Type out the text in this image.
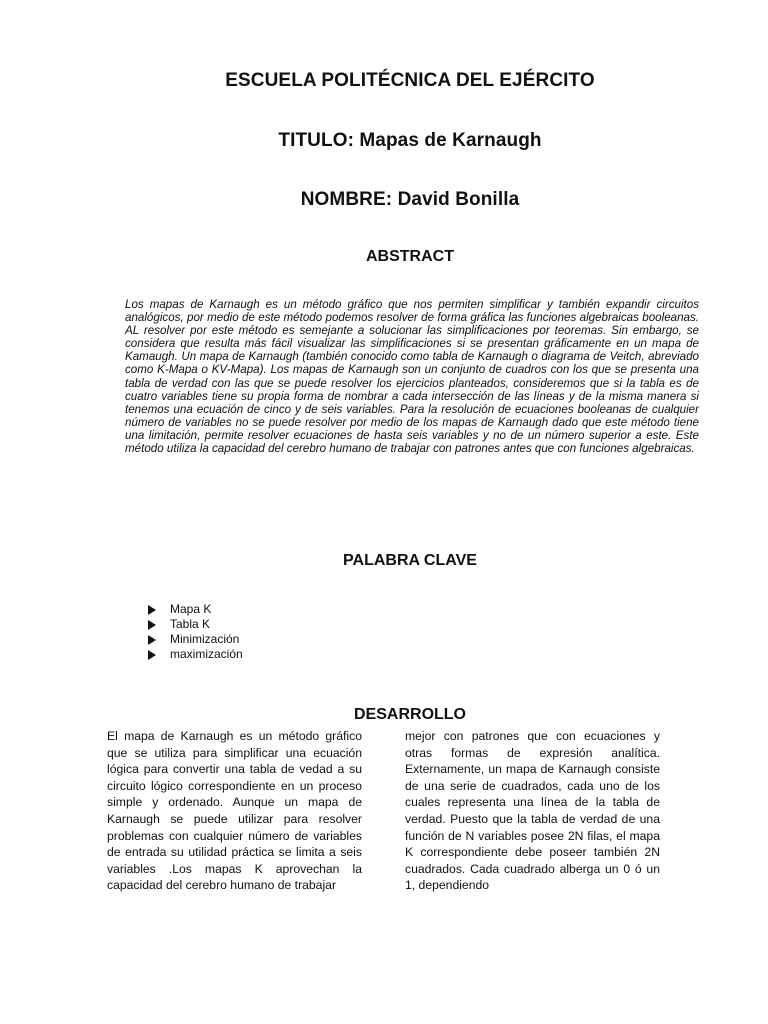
ESCUELA POLITÉCNICA DEL EJÉRCITO
TITULO: Mapas de Karnaugh
NOMBRE: David Bonilla
ABSTRACT
Los mapas de Karnaugh es un método gráfico que nos permiten simplificar y también expandir circuitos analógicos, por medio de este método podemos resolver de forma gráfica las funciones algebraicas booleanas. AL resolver por este método es semejante a solucionar las simplificaciones por teoremas. Sin embargo, se considera que resulta más fácil visualizar las simplificaciones si se presentan gráficamente en un mapa de Kamaugh. Un mapa de Karnaugh (también conocido como tabla de Karnaugh o diagrama de Veitch, abreviado como K-Mapa o KV-Mapa). Los mapas de Karnaugh son un conjunto de cuadros con los que se presenta una tabla de verdad con las que se puede resolver los ejercicios planteados, consideremos que si la tabla es de cuatro variables tiene su propia forma de nombrar a cada intersección de las líneas y de la misma manera si tenemos una ecuación de cinco y de seis variables. Para la resolución de ecuaciones booleanas de cualquier número de variables no se puede resolver por medio de los mapas de Karnaugh dado que este método tiene una limitación, permite resolver ecuaciones de hasta seis variables y no de un número superior a este. Este método utiliza la capacidad del cerebro humano de trabajar con patrones antes que con funciones algebraicas.
PALABRA CLAVE
Mapa K
Tabla K
Minimización
maximización
DESARROLLO
El mapa de Karnaugh es un método gráfico que se utiliza para simplificar una ecuación lógica para convertir una tabla de vedad a su circuito lógico correspondiente en un proceso simple y ordenado. Aunque un mapa de Karnaugh se puede utilizar para resolver problemas con cualquier número de variables de entrada su utilidad práctica se limita a seis variables .Los mapas K aprovechan la capacidad del cerebro humano de trabajar
mejor con patrones que con ecuaciones y otras formas de expresión analítica. Externamente, un mapa de Karnaugh consiste de una serie de cuadrados, cada uno de los cuales representa una línea de la tabla de verdad. Puesto que la tabla de verdad de una función de N variables posee 2N filas, el mapa K correspondiente debe poseer también 2N cuadrados. Cada cuadrado alberga un 0 ó un 1, dependiendo
